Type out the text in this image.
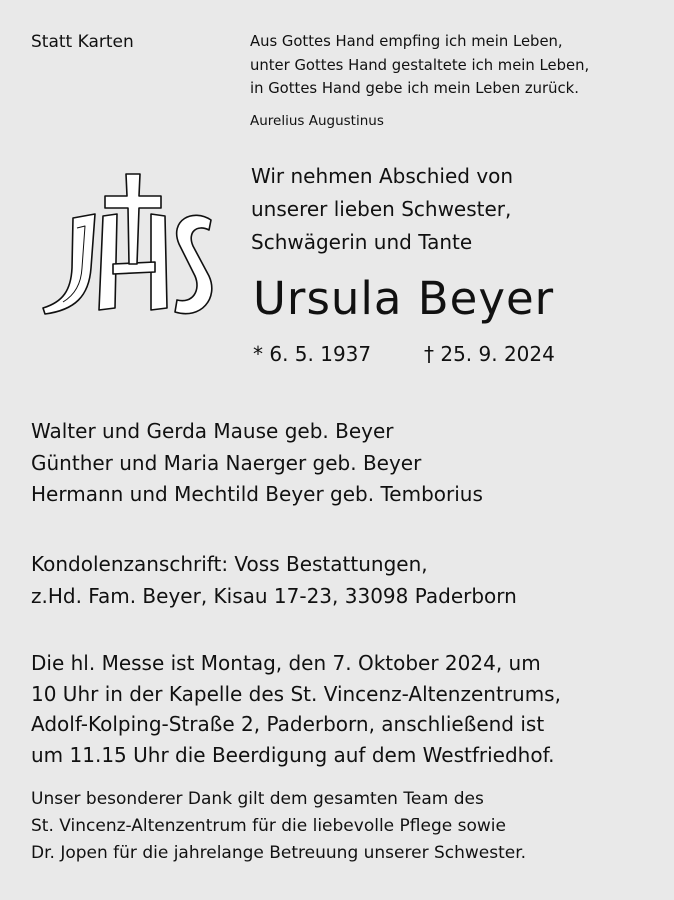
Statt Karten	Aus Gottes Hand empfing ich mein Leben,
unter Gottes Hand gestaltete ich mein Leben,
in Gottes Hand gebe ich mein Leben zurück.
Aurelius Augustinus
Wir nehmen Abschied von
unserer lieben Schwester,
Schwägerin und Tante
Ursula Beyer
* 6. 5. 1937	† 25. 9. 2024
Walter und Gerda Mause geb. Beyer
Günther und Maria Naerger geb. Beyer
Hermann und Mechtild Beyer geb. Temborius
Kondolenzanschrift: Voss Bestattungen,
z.Hd. Fam. Beyer, Kisau 17-23, 33098 Paderborn
Die hl. Messe ist Montag, den 7. Oktober 2024, um
10 Uhr in der Kapelle des St. Vincenz-Altenzentrums,
Adolf-Kolping-Straße 2, Paderborn, anschließend ist
um 11.15 Uhr die Beerdigung auf dem Westfriedhof.
Unser besonderer Dank gilt dem gesamten Team des
St. Vincenz-Altenzentrum für die liebevolle Pflege sowie
Dr. Jopen für die jahrelange Betreuung unserer Schwester.
